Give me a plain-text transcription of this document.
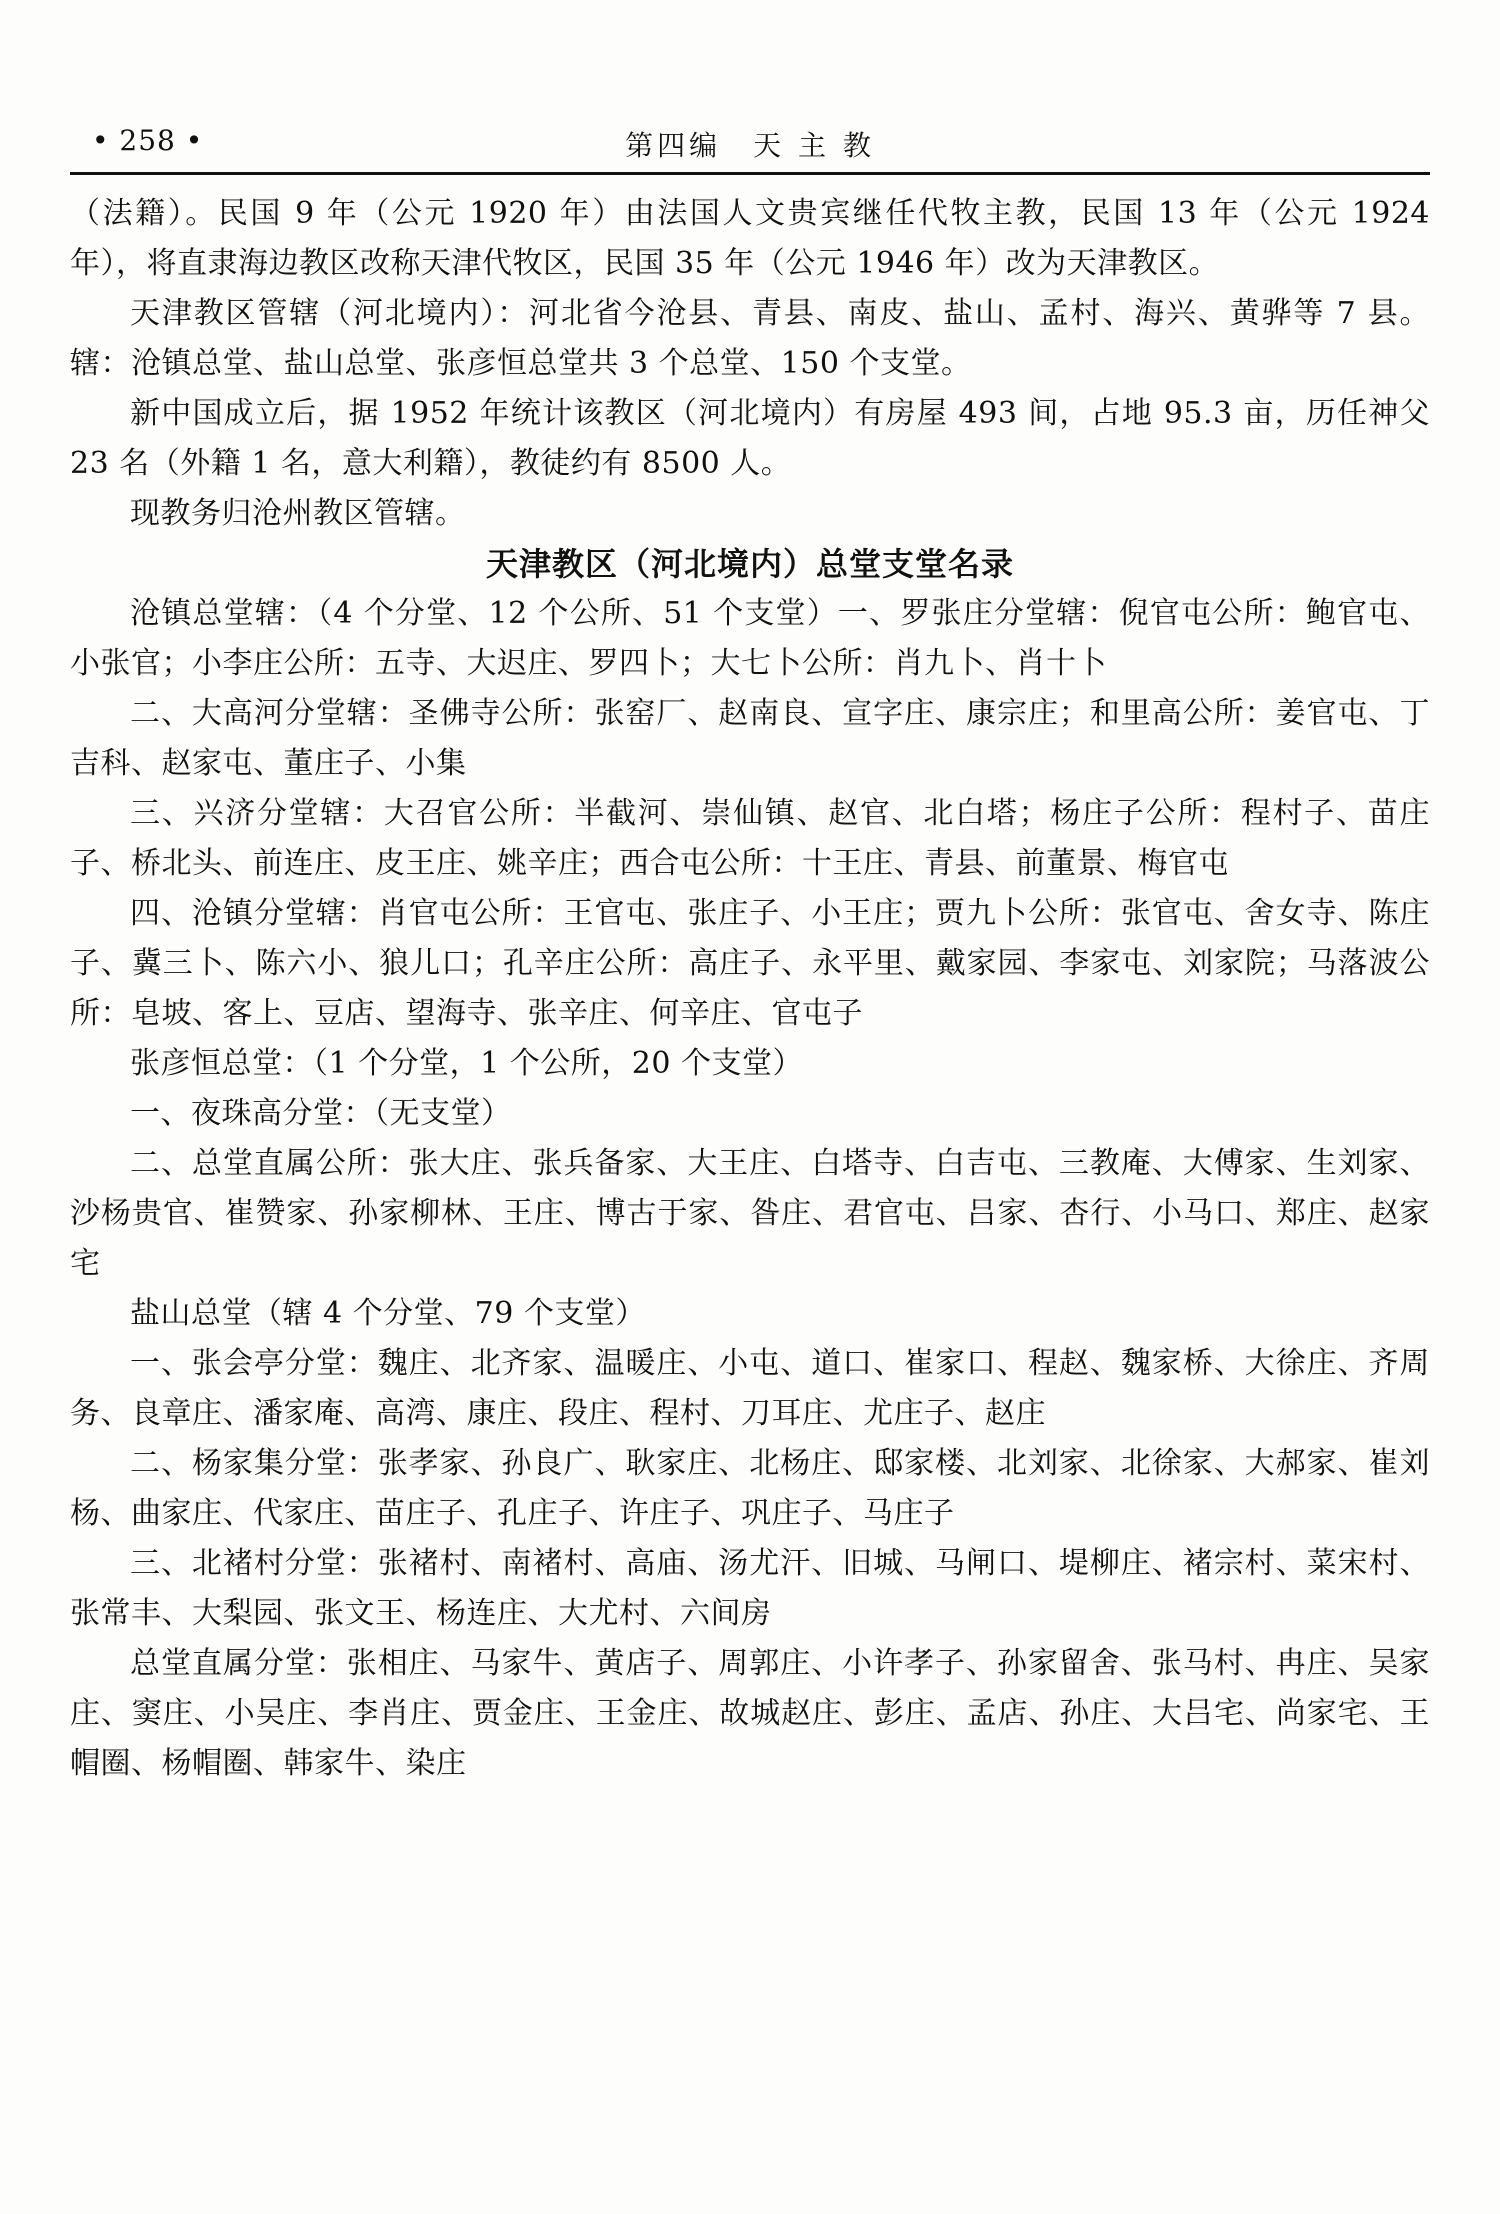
• 258 •	第四编　天 主 教

（法籍）。民国 9 年（公元 1920 年）由法国人文贵宾继任代牧主教，民国 13 年（公元 1924 年），将直隶海边教区改称天津代牧区，民国 35 年（公元 1946 年）改为天津教区。

天津教区管辖（河北境内）：河北省今沧县、青县、南皮、盐山、孟村、海兴、黄骅等 7 县。辖：沧镇总堂、盐山总堂、张彦恒总堂共 3 个总堂、150 个支堂。

新中国成立后，据 1952 年统计该教区（河北境内）有房屋 493 间，占地 95.3 亩，历任神父 23 名（外籍 1 名，意大利籍），教徒约有 8500 人。

现教务归沧州教区管辖。

天津教区（河北境内）总堂支堂名录

沧镇总堂辖：（4 个分堂、12 个公所、51 个支堂）一、罗张庄分堂辖：倪官屯公所：鲍官屯、小张官；小李庄公所：五寺、大迟庄、罗四卜；大七卜公所：肖九卜、肖十卜

二、大高河分堂辖：圣佛寺公所：张窑厂、赵南良、宣字庄、康宗庄；和里高公所：姜官屯、丁吉科、赵家屯、董庄子、小集

三、兴济分堂辖：大召官公所：半截河、崇仙镇、赵官、北白塔；杨庄子公所：程村子、苗庄子、桥北头、前连庄、皮王庄、姚辛庄；西合屯公所：十王庄、青县、前董景、梅官屯

四、沧镇分堂辖：肖官屯公所：王官屯、张庄子、小王庄；贾九卜公所：张官屯、舍女寺、陈庄子、冀三卜、陈六小、狼儿口；孔辛庄公所：高庄子、永平里、戴家园、李家屯、刘家院；马落波公所：皂坡、客上、豆店、望海寺、张辛庄、何辛庄、官屯子

张彦恒总堂：（1 个分堂，1 个公所，20 个支堂）

一、夜珠高分堂：（无支堂）

二、总堂直属公所：张大庄、张兵备家、大王庄、白塔寺、白吉屯、三教庵、大傅家、生刘家、沙杨贵官、崔赞家、孙家柳林、王庄、博古于家、昝庄、君官屯、吕家、杏行、小马口、郑庄、赵家宅

盐山总堂（辖 4 个分堂、79 个支堂）

一、张会亭分堂：魏庄、北齐家、温暖庄、小屯、道口、崔家口、程赵、魏家桥、大徐庄、齐周务、良章庄、潘家庵、高湾、康庄、段庄、程村、刀耳庄、尤庄子、赵庄

二、杨家集分堂：张孝家、孙良广、耿家庄、北杨庄、邸家楼、北刘家、北徐家、大郝家、崔刘杨、曲家庄、代家庄、苗庄子、孔庄子、许庄子、巩庄子、马庄子

三、北褚村分堂：张褚村、南褚村、高庙、汤尤汗、旧城、马闸口、堤柳庄、褚宗村、菜宋村、张常丰、大梨园、张文王、杨连庄、大尤村、六间房

总堂直属分堂：张相庄、马家牛、黄店子、周郭庄、小许孝子、孙家留舍、张马村、冉庄、吴家庄、窦庄、小吴庄、李肖庄、贾金庄、王金庄、故城赵庄、彭庄、孟店、孙庄、大吕宅、尚家宅、王帽圈、杨帽圈、韩家牛、染庄
